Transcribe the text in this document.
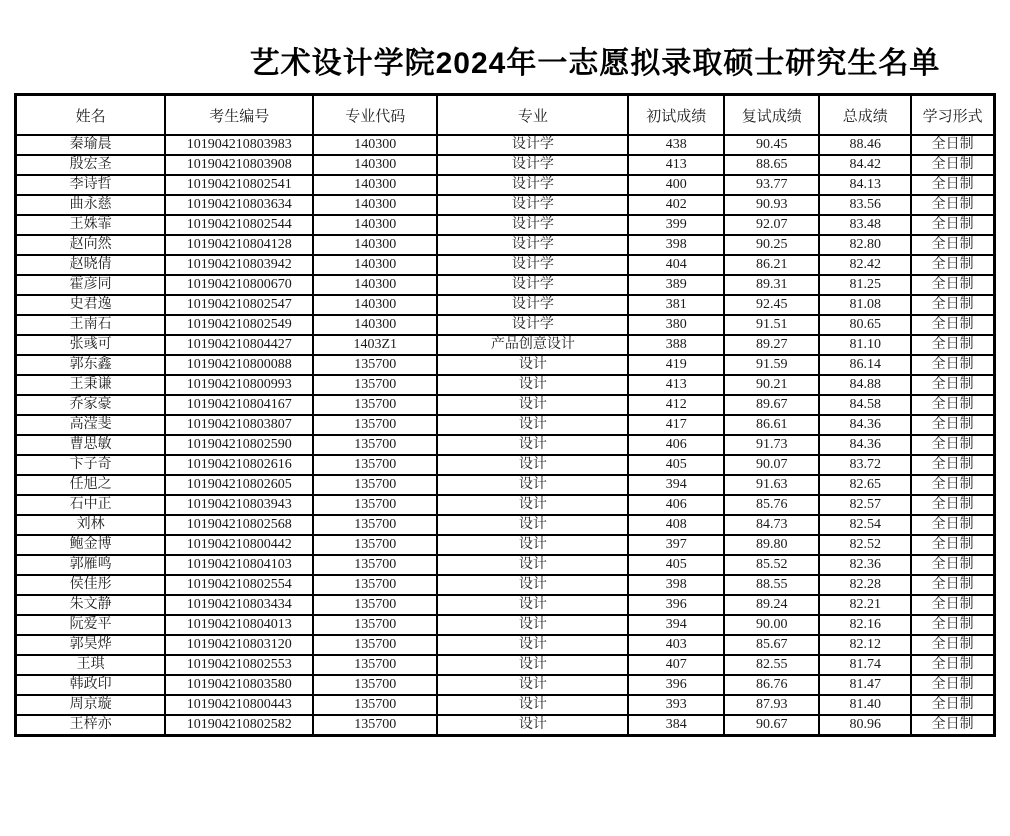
艺术设计学院2024年一志愿拟录取硕士研究生名单
姓名	考生编号	专业代码	专业	初试成绩	复试成绩	总成绩	学习形式
秦瑜晨	101904210803983	140300	设计学	438	90.45	88.46	全日制
殷宏圣	101904210803908	140300	设计学	413	88.65	84.42	全日制
李诗哲	101904210802541	140300	设计学	400	93.77	84.13	全日制
曲永慈	101904210803634	140300	设计学	402	90.93	83.56	全日制
王姝霏	101904210802544	140300	设计学	399	92.07	83.48	全日制
赵向然	101904210804128	140300	设计学	398	90.25	82.80	全日制
赵晓倩	101904210803942	140300	设计学	404	86.21	82.42	全日制
霍彦同	101904210800670	140300	设计学	389	89.31	81.25	全日制
史君逸	101904210802547	140300	设计学	381	92.45	81.08	全日制
王南石	101904210802549	140300	设计学	380	91.51	80.65	全日制
张彧可	101904210804427	1403Z1	产品创意设计	388	89.27	81.10	全日制
郭东鑫	101904210800088	135700	设计	419	91.59	86.14	全日制
王秉谦	101904210800993	135700	设计	413	90.21	84.88	全日制
乔家豪	101904210804167	135700	设计	412	89.67	84.58	全日制
高滢斐	101904210803807	135700	设计	417	86.61	84.36	全日制
曹思敏	101904210802590	135700	设计	406	91.73	84.36	全日制
卞子奇	101904210802616	135700	设计	405	90.07	83.72	全日制
任旭之	101904210802605	135700	设计	394	91.63	82.65	全日制
石中正	101904210803943	135700	设计	406	85.76	82.57	全日制
刘林	101904210802568	135700	设计	408	84.73	82.54	全日制
鲍金博	101904210800442	135700	设计	397	89.80	82.52	全日制
郭雁鸣	101904210804103	135700	设计	405	85.52	82.36	全日制
侯佳彤	101904210802554	135700	设计	398	88.55	82.28	全日制
朱文静	101904210803434	135700	设计	396	89.24	82.21	全日制
阮爱平	101904210804013	135700	设计	394	90.00	82.16	全日制
郭昊烨	101904210803120	135700	设计	403	85.67	82.12	全日制
王琪	101904210802553	135700	设计	407	82.55	81.74	全日制
韩政印	101904210803580	135700	设计	396	86.76	81.47	全日制
周京璇	101904210800443	135700	设计	393	87.93	81.40	全日制
王梓亦	101904210802582	135700	设计	384	90.67	80.96	全日制
